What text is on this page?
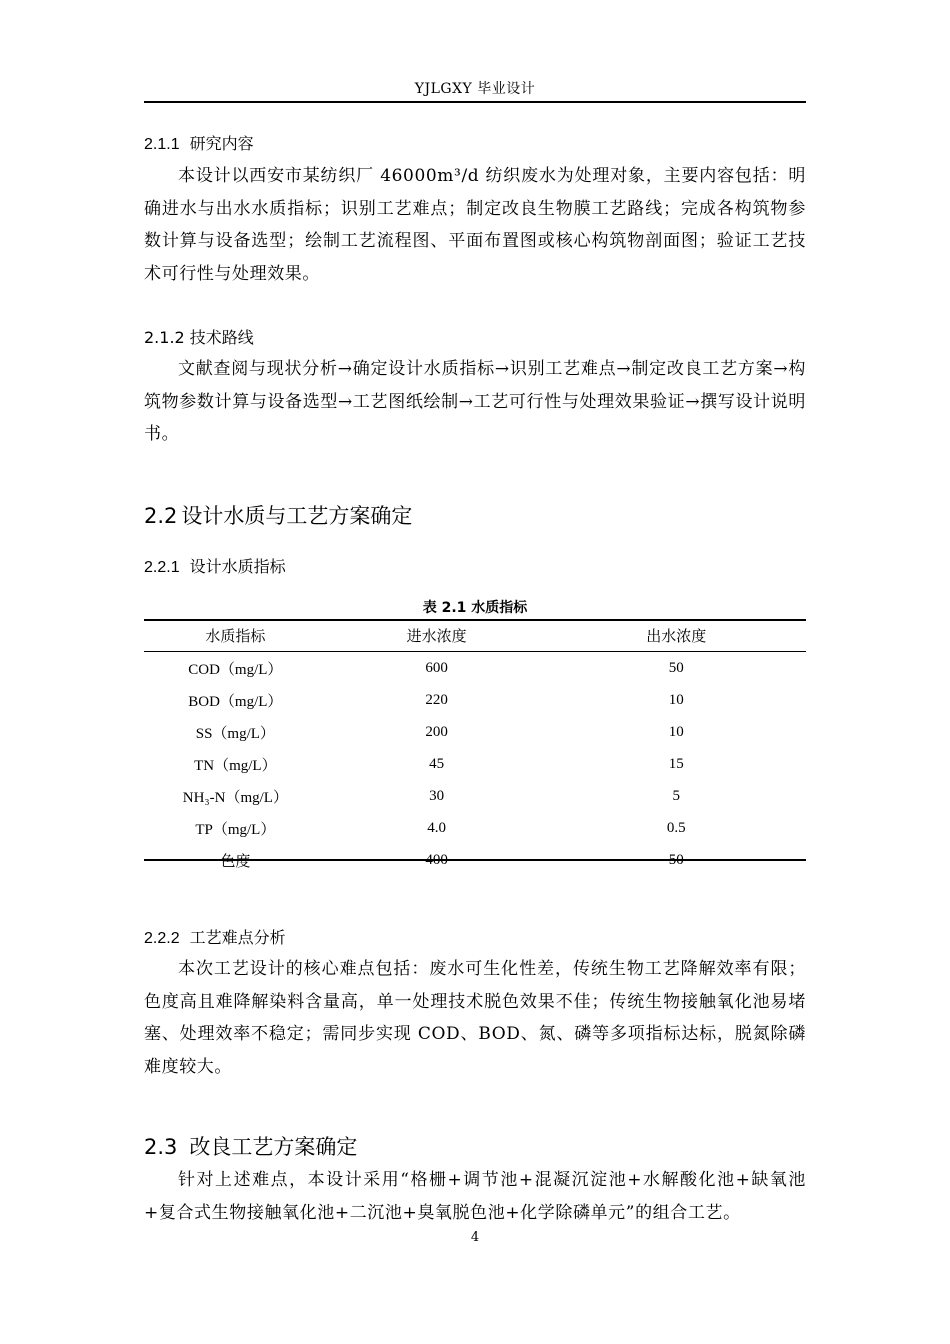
YJLGXY 毕业设计
2.1.1 研究内容
本设计以西安市某纺织厂 46000m³/d 纺织废水为处理对象，主要内容包括：明确进水与出水水质指标；识别工艺难点；制定改良生物膜工艺路线；完成各构筑物参数计算与设备选型；绘制工艺流程图、平面布置图或核心构筑物剖面图；验证工艺技术可行性与处理效果。
2.1.2 技术路线
文献查阅与现状分析→确定设计水质指标→识别工艺难点→制定改良工艺方案→构筑物参数计算与设备选型→工艺图纸绘制→工艺可行性与处理效果验证→撰写设计说明书。
2.2 设计水质与工艺方案确定
2.2.1 设计水质指标
表 2.1 水质指标
水质指标	进水浓度	出水浓度
COD（mg/L）	600	50
BOD（mg/L）	220	10
SS（mg/L）	200	10
TN（mg/L）	45	15
NH₃-N（mg/L）	30	5
TP（mg/L）	4.0	0.5
色度	400	50
2.2.2 工艺难点分析
本次工艺设计的核心难点包括：废水可生化性差，传统生物工艺降解效率有限；色度高且难降解染料含量高，单一处理技术脱色效果不佳；传统生物接触氧化池易堵塞、处理效率不稳定；需同步实现 COD、BOD、氮、磷等多项指标达标，脱氮除磷难度较大。
2.3 改良工艺方案确定
针对上述难点，本设计采用“格栅+调节池+混凝沉淀池+水解酸化池+缺氧池+复合式生物接触氧化池+二沉池+臭氧脱色池+化学除磷单元”的组合工艺。
4
